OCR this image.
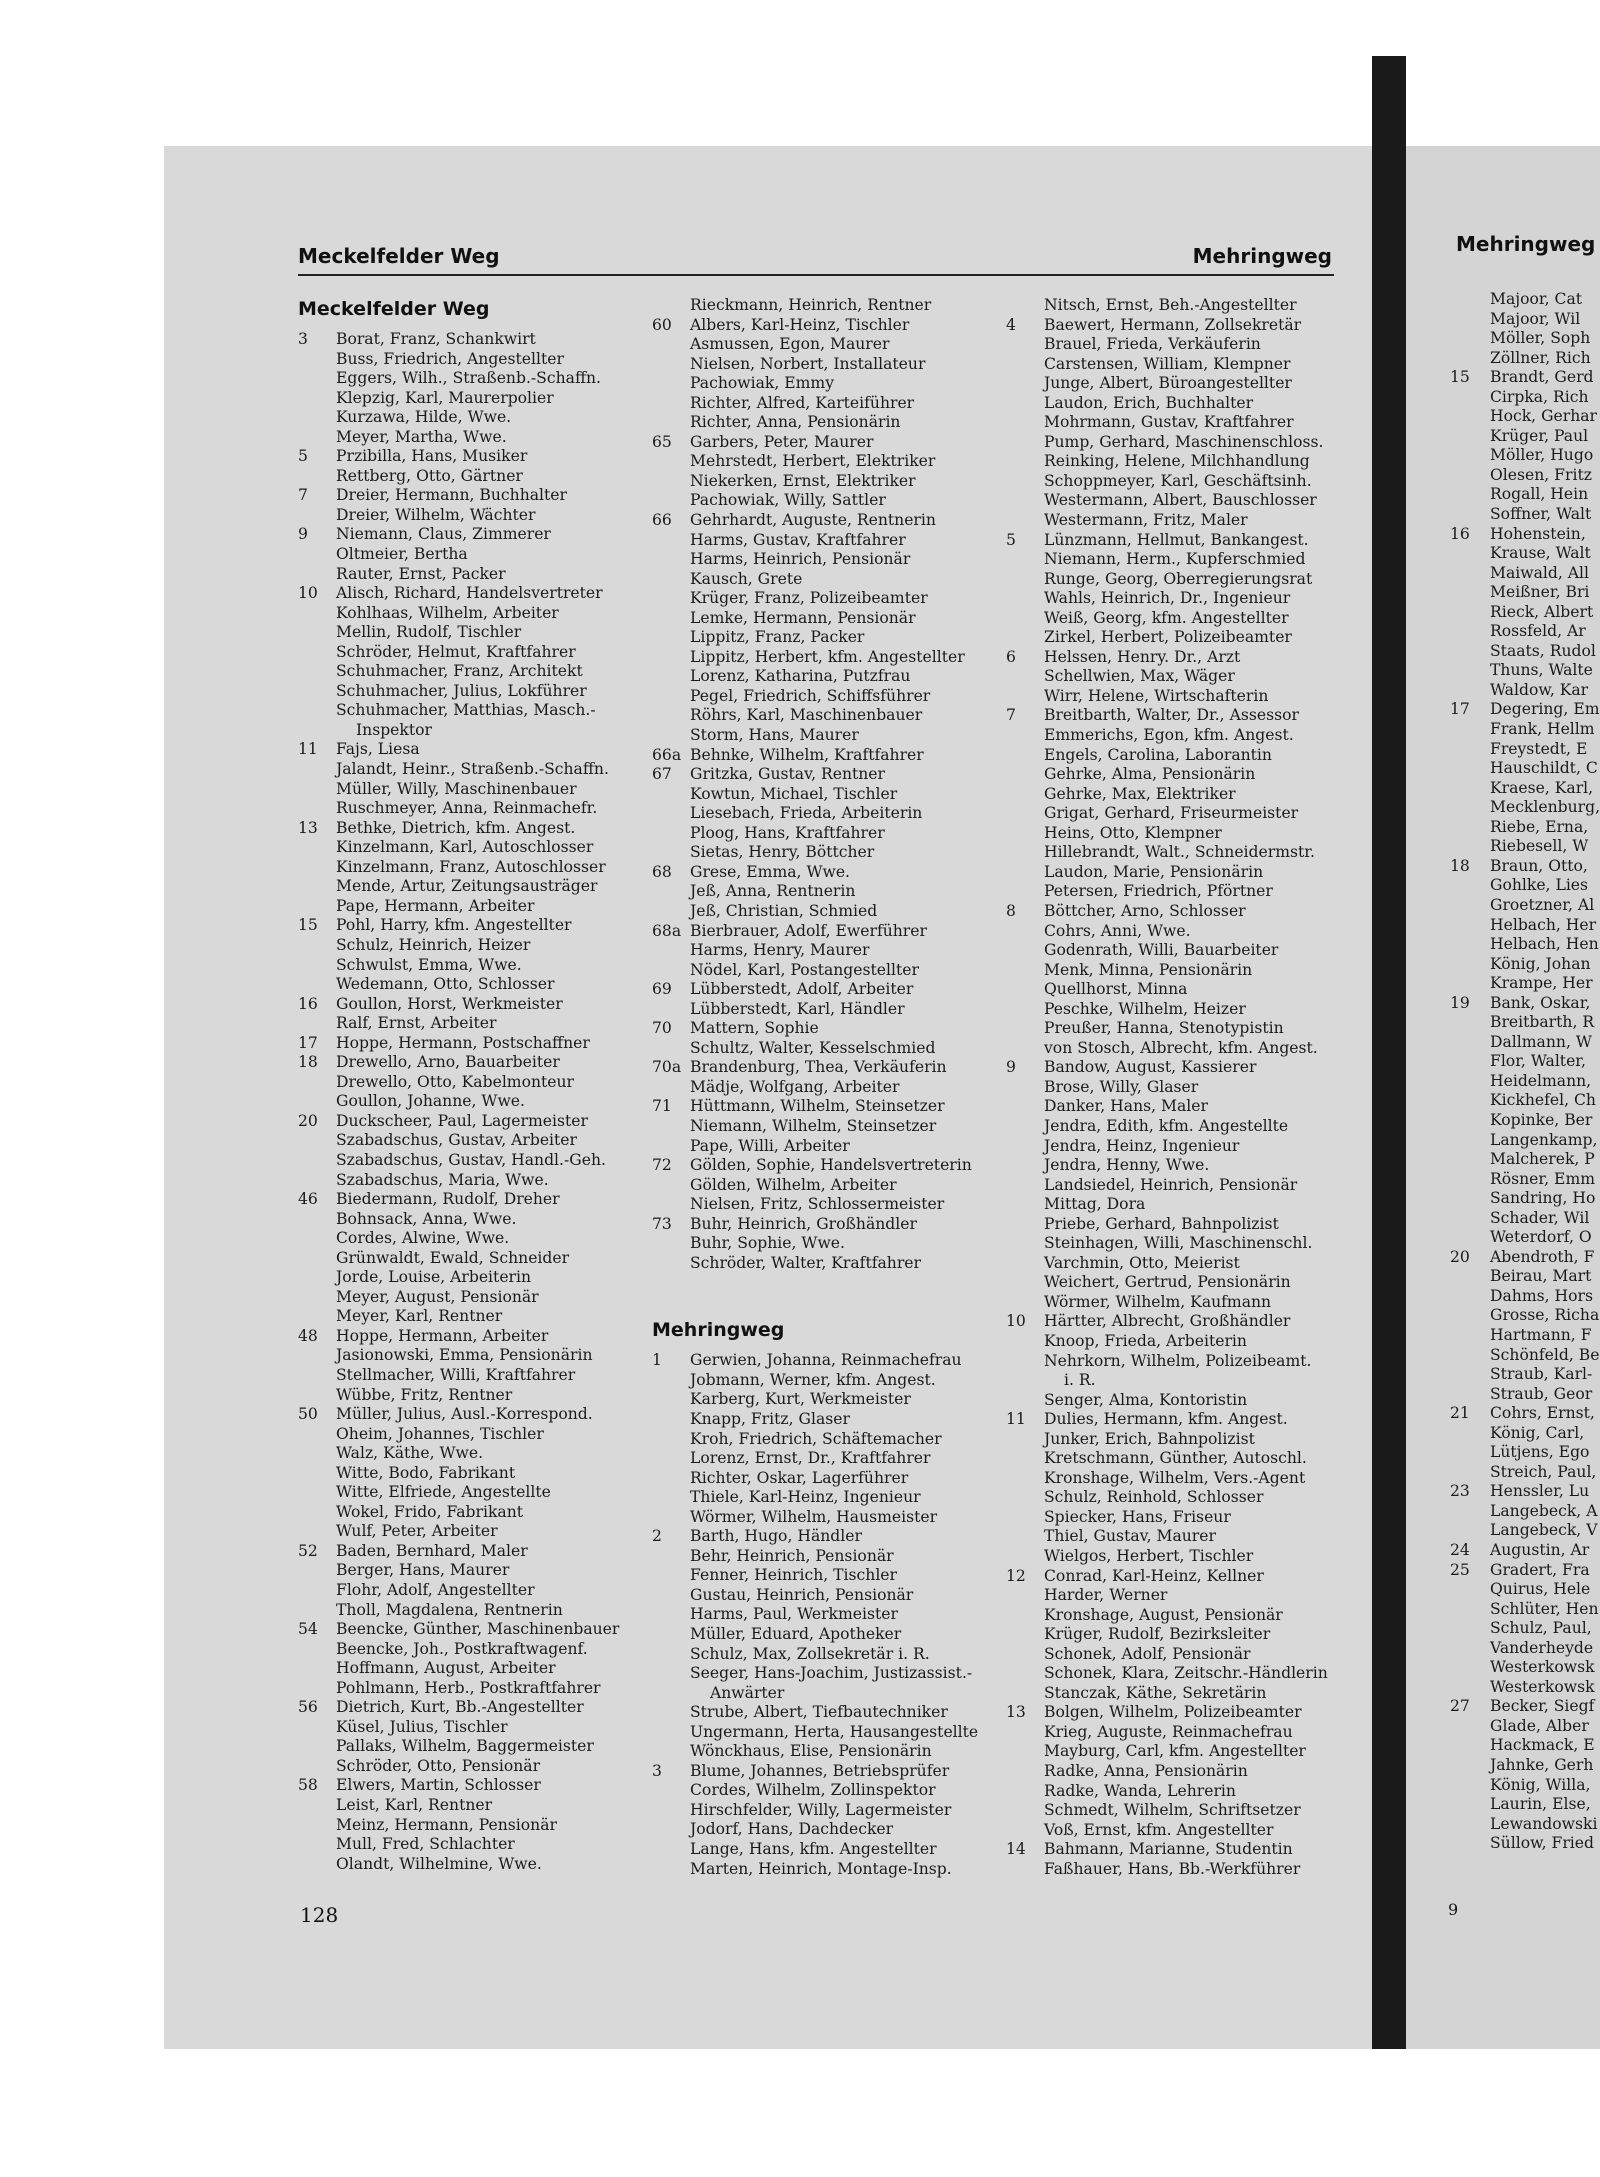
Meckelfelder Weg	Mehringweg
Meckelfelder Weg
3	Borat, Franz, Schankwirt
Buss, Friedrich, Angestellter
Eggers, Wilh., Straßenb.-Schaffn.
Klepzig, Karl, Maurerpolier
Kurzawa, Hilde, Wwe.
Meyer, Martha, Wwe.
5	Przibilla, Hans, Musiker
Rettberg, Otto, Gärtner
7	Dreier, Hermann, Buchhalter
Dreier, Wilhelm, Wächter
9	Niemann, Claus, Zimmerer
Oltmeier, Bertha
Rauter, Ernst, Packer
10	Alisch, Richard, Handelsvertreter
Kohlhaas, Wilhelm, Arbeiter
Mellin, Rudolf, Tischler
Schröder, Helmut, Kraftfahrer
Schuhmacher, Franz, Architekt
Schuhmacher, Julius, Lokführer
Schuhmacher, Matthias, Masch.-
Inspektor
11	Fajs, Liesa
Jalandt, Heinr., Straßenb.-Schaffn.
Müller, Willy, Maschinenbauer
Ruschmeyer, Anna, Reinmachefr.
13	Bethke, Dietrich, kfm. Angest.
Kinzelmann, Karl, Autoschlosser
Kinzelmann, Franz, Autoschlosser
Mende, Artur, Zeitungsausträger
Pape, Hermann, Arbeiter
15	Pohl, Harry, kfm. Angestellter
Schulz, Heinrich, Heizer
Schwulst, Emma, Wwe.
Wedemann, Otto, Schlosser
16	Goullon, Horst, Werkmeister
Ralf, Ernst, Arbeiter
17	Hoppe, Hermann, Postschaffner
18	Drewello, Arno, Bauarbeiter
Drewello, Otto, Kabelmonteur
Goullon, Johanne, Wwe.
20	Duckscheer, Paul, Lagermeister
Szabadschus, Gustav, Arbeiter
Szabadschus, Gustav, Handl.-Geh.
Szabadschus, Maria, Wwe.
46	Biedermann, Rudolf, Dreher
Bohnsack, Anna, Wwe.
Cordes, Alwine, Wwe.
Grünwaldt, Ewald, Schneider
Jorde, Louise, Arbeiterin
Meyer, August, Pensionär
Meyer, Karl, Rentner
48	Hoppe, Hermann, Arbeiter
Jasionowski, Emma, Pensionärin
Stellmacher, Willi, Kraftfahrer
Wübbe, Fritz, Rentner
50	Müller, Julius, Ausl.-Korrespond.
Oheim, Johannes, Tischler
Walz, Käthe, Wwe.
Witte, Bodo, Fabrikant
Witte, Elfriede, Angestellte
Wokel, Frido, Fabrikant
Wulf, Peter, Arbeiter
52	Baden, Bernhard, Maler
Berger, Hans, Maurer
Flohr, Adolf, Angestellter
Tholl, Magdalena, Rentnerin
54	Beencke, Günther, Maschinenbauer
Beencke, Joh., Postkraftwagenf.
Hoffmann, August, Arbeiter
Pohlmann, Herb., Postkraftfahrer
56	Dietrich, Kurt, Bb.-Angestellter
Küsel, Julius, Tischler
Pallaks, Wilhelm, Baggermeister
Schröder, Otto, Pensionär
58	Elwers, Martin, Schlosser
Leist, Karl, Rentner
Meinz, Hermann, Pensionär
Mull, Fred, Schlachter
Olandt, Wilhelmine, Wwe.
Rieckmann, Heinrich, Rentner
60	Albers, Karl-Heinz, Tischler
Asmussen, Egon, Maurer
Nielsen, Norbert, Installateur
Pachowiak, Emmy
Richter, Alfred, Karteiführer
Richter, Anna, Pensionärin
65	Garbers, Peter, Maurer
Mehrstedt, Herbert, Elektriker
Niekerken, Ernst, Elektriker
Pachowiak, Willy, Sattler
66	Gehrhardt, Auguste, Rentnerin
Harms, Gustav, Kraftfahrer
Harms, Heinrich, Pensionär
Kausch, Grete
Krüger, Franz, Polizeibeamter
Lemke, Hermann, Pensionär
Lippitz, Franz, Packer
Lippitz, Herbert, kfm. Angestellter
Lorenz, Katharina, Putzfrau
Pegel, Friedrich, Schiffsführer
Röhrs, Karl, Maschinenbauer
Storm, Hans, Maurer
66a Behnke, Wilhelm, Kraftfahrer
67	Gritzka, Gustav, Rentner
Kowtun, Michael, Tischler
Liesebach, Frieda, Arbeiterin
Ploog, Hans, Kraftfahrer
Sietas, Henry, Böttcher
68	Grese, Emma, Wwe.
Jeß, Anna, Rentnerin
Jeß, Christian, Schmied
68a Bierbrauer, Adolf, Ewerführer
Harms, Henry, Maurer
Nödel, Karl, Postangestellter
69	Lübberstedt, Adolf, Arbeiter
Lübberstedt, Karl, Händler
70	Mattern, Sophie
Schultz, Walter, Kesselschmied
70a Brandenburg, Thea, Verkäuferin
Mädje, Wolfgang, Arbeiter
71	Hüttmann, Wilhelm, Steinsetzer
Niemann, Wilhelm, Steinsetzer
Pape, Willi, Arbeiter
72	Gölden, Sophie, Handelsvertreterin
Gölden, Wilhelm, Arbeiter
Nielsen, Fritz, Schlossermeister
73	Buhr, Heinrich, Großhändler
Buhr, Sophie, Wwe.
Schröder, Walter, Kraftfahrer
Mehringweg
1	Gerwien, Johanna, Reinmachefrau
Jobmann, Werner, kfm. Angest.
Karberg, Kurt, Werkmeister
Knapp, Fritz, Glaser
Kroh, Friedrich, Schäftemacher
Lorenz, Ernst, Dr., Kraftfahrer
Richter, Oskar, Lagerführer
Thiele, Karl-Heinz, Ingenieur
Wörmer, Wilhelm, Hausmeister
2	Barth, Hugo, Händler
Behr, Heinrich, Pensionär
Fenner, Heinrich, Tischler
Gustau, Heinrich, Pensionär
Harms, Paul, Werkmeister
Müller, Eduard, Apotheker
Schulz, Max, Zollsekretär i. R.
Seeger, Hans-Joachim, Justizassist.-
Anwärter
Strube, Albert, Tiefbautechniker
Ungermann, Herta, Hausangestellte
Wönckhaus, Elise, Pensionärin
3	Blume, Johannes, Betriebsprüfer
Cordes, Wilhelm, Zollinspektor
Hirschfelder, Willy, Lagermeister
Jodorf, Hans, Dachdecker
Lange, Hans, kfm. Angestellter
Marten, Heinrich, Montage-Insp.
Nitsch, Ernst, Beh.-Angestellter
4	Baewert, Hermann, Zollsekretär
Brauel, Frieda, Verkäuferin
Carstensen, William, Klempner
Junge, Albert, Büroangestellter
Laudon, Erich, Buchhalter
Mohrmann, Gustav, Kraftfahrer
Pump, Gerhard, Maschinenschloss.
Reinking, Helene, Milchhandlung
Schoppmeyer, Karl, Geschäftsinh.
Westermann, Albert, Bauschlosser
Westermann, Fritz, Maler
5	Lünzmann, Hellmut, Bankangest.
Niemann, Herm., Kupferschmied
Runge, Georg, Oberregierungsrat
Wahls, Heinrich, Dr., Ingenieur
Weiß, Georg, kfm. Angestellter
Zirkel, Herbert, Polizeibeamter
6	Helssen, Henry. Dr., Arzt
Schellwien, Max, Wäger
Wirr, Helene, Wirtschafterin
7	Breitbarth, Walter, Dr., Assessor
Emmerichs, Egon, kfm. Angest.
Engels, Carolina, Laborantin
Gehrke, Alma, Pensionärin
Gehrke, Max, Elektriker
Grigat, Gerhard, Friseurmeister
Heins, Otto, Klempner
Hillebrandt, Walt., Schneidermstr.
Laudon, Marie, Pensionärin
Petersen, Friedrich, Pförtner
8	Böttcher, Arno, Schlosser
Cohrs, Anni, Wwe.
Godenrath, Willi, Bauarbeiter
Menk, Minna, Pensionärin
Quellhorst, Minna
Peschke, Wilhelm, Heizer
Preußer, Hanna, Stenotypistin
von Stosch, Albrecht, kfm. Angest.
9	Bandow, August, Kassierer
Brose, Willy, Glaser
Danker, Hans, Maler
Jendra, Edith, kfm. Angestellte
Jendra, Heinz, Ingenieur
Jendra, Henny, Wwe.
Landsiedel, Heinrich, Pensionär
Mittag, Dora
Priebe, Gerhard, Bahnpolizist
Steinhagen, Willi, Maschinenschl.
Varchmin, Otto, Meierist
Weichert, Gertrud, Pensionärin
Wörmer, Wilhelm, Kaufmann
10	Härtter, Albrecht, Großhändler
Knoop, Frieda, Arbeiterin
Nehrkorn, Wilhelm, Polizeibeamt.
i. R.
Senger, Alma, Kontoristin
11	Dulies, Hermann, kfm. Angest.
Junker, Erich, Bahnpolizist
Kretschmann, Günther, Autoschl.
Kronshage, Wilhelm, Vers.-Agent
Schulz, Reinhold, Schlosser
Spiecker, Hans, Friseur
Thiel, Gustav, Maurer
Wielgos, Herbert, Tischler
12	Conrad, Karl-Heinz, Kellner
Harder, Werner
Kronshage, August, Pensionär
Krüger, Rudolf, Bezirksleiter
Schonek, Adolf, Pensionär
Schonek, Klara, Zeitschr.-Händlerin
Stanczak, Käthe, Sekretärin
13	Bolgen, Wilhelm, Polizeibeamter
Krieg, Auguste, Reinmachefrau
Mayburg, Carl, kfm. Angestellter
Radke, Anna, Pensionärin
Radke, Wanda, Lehrerin
Schmedt, Wilhelm, Schriftsetzer
Voß, Ernst, kfm. Angestellter
14	Bahmann, Marianne, Studentin
Faßhauer, Hans, Bb.-Werkführer
128
Mehringweg
Majoor, Cat
Majoor, Wil
Möller, Soph
Zöllner, Rich
15	Brandt, Gerd
Cirpka, Rich
Hock, Gerhar
Krüger, Paul
Möller, Hugo
Olesen, Fritz
Rogall, Hein
Soffner, Walt
16	Hohenstein,
Krause, Walt
Maiwald, All
Meißner, Bri
Rieck, Albert
Rossfeld, Ar
Staats, Rudol
Thuns, Walte
Waldow, Kar
17	Degering, Em
Frank, Hellm
Freystedt, E
Hauschildt, C
Kraese, Karl,
Mecklenburg,
Riebe, Erna,
Riebesell, W
18	Braun, Otto,
Gohlke, Lies
Groetzner, Al
Helbach, Her
Helbach, Hen
König, Johan
Krampe, Her
19	Bank, Oskar,
Breitbarth, R
Dallmann, W
Flor, Walter,
Heidelmann,
Kickhefel, Ch
Kopinke, Ber
Langenkamp,
Malcherek, P
Rösner, Emm
Sandring, Ho
Schader, Wil
Weterdorf, O
20	Abendroth, F
Beirau, Mart
Dahms, Hors
Grosse, Richa
Hartmann, F
Schönfeld, Be
Straub, Karl-
Straub, Geor
21	Cohrs, Ernst,
König, Carl,
Lütjens, Ego
Streich, Paul,
23	Henssler, Lu
Langebeck, A
Langebeck, V
24	Augustin, Ar
25	Gradert, Fra
Quirus, Hele
Schlüter, Hen
Schulz, Paul,
Vanderheyde
Westerkowsk
Westerkowsk
27	Becker, Siegf
Glade, Alber
Hackmack, E
Jahnke, Gerh
König, Willa,
Laurin, Else,
Lewandowski
Süllow, Fried
9
